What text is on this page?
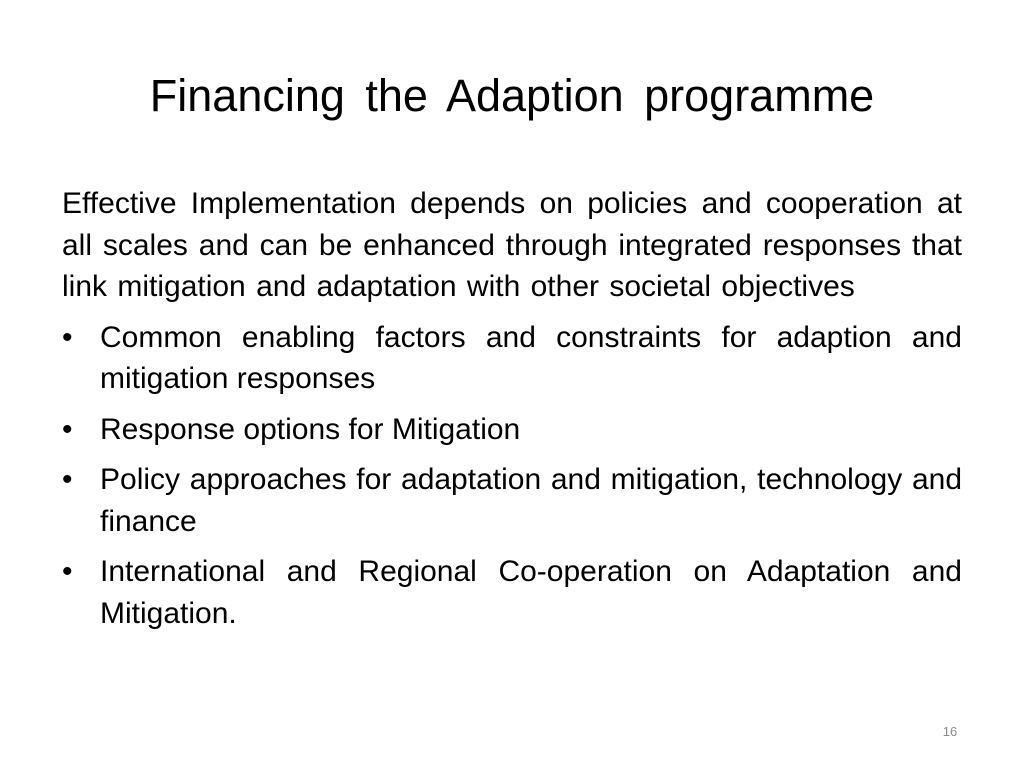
Financing the Adaption programme

Effective Implementation depends on policies and cooperation at all scales and can be enhanced through integrated responses that link mitigation and adaptation with other societal objectives

• Common enabling factors and constraints for adaption and mitigation responses
• Response options for Mitigation
• Policy approaches for adaptation and mitigation, technology and finance
• International and Regional Co-operation on Adaptation and Mitigation.
16
